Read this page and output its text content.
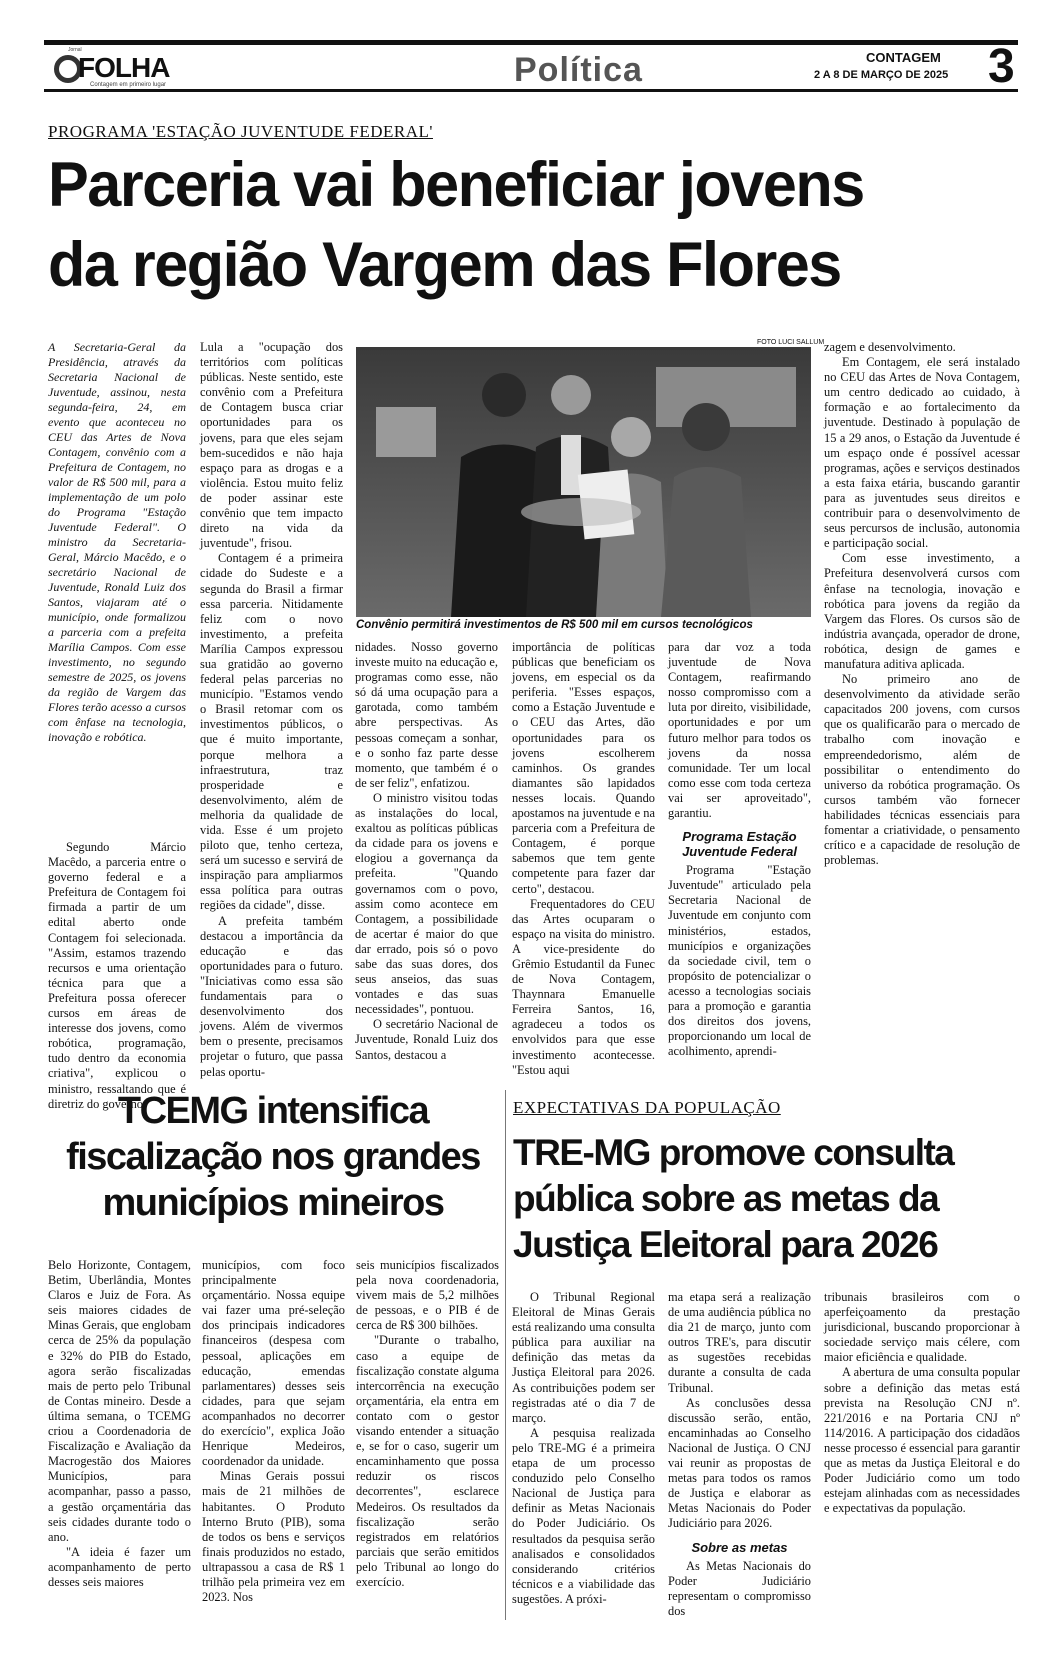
Jornal
FOLHA
Contagem em primeiro lugar	Política	CONTAGEM
2 A 8 DE MARÇO DE 2025 3
PROGRAMA 'ESTAÇÃO JUVENTUDE FEDERAL'
Parceria vai beneficiar jovens
da região Vargem das Flores

A Secretaria-Geral da Presidência, através da Secretaria Nacional de Juventude, assinou, nesta segunda-feira, 24, em evento que aconteceu no CEU das Artes de Nova Contagem, convênio com a Prefeitura de Contagem, no valor de R$ 500 mil, para a implementação de um polo do Programa "Estação Juventude Federal". O ministro da Secretaria-Geral, Márcio Macêdo, e o secretário Nacional de Juventude, Ronald Luiz dos Santos, viajaram até o município, onde formalizou a parceria com a prefeita Marília Campos. Com esse investimento, no segundo semestre de 2025, os jovens da região de Vargem das Flores terão acesso a cursos com ênfase na tecnologia, inovação e robótica.

Segundo Márcio Macêdo, a parceria entre o governo federal e a Prefeitura de Contagem foi firmada a partir de um edital aberto onde Contagem foi selecionada. "Assim, estamos trazendo recursos e uma orientação técnica para que a Prefeitura possa oferecer cursos em áreas de interesse dos jovens, como robótica, programação, tudo dentro da economia criativa", explicou o ministro, ressaltando que é diretriz do governo

Lula a "ocupação dos territórios com políticas públicas. Neste sentido, este convênio com a Prefeitura de Contagem busca criar oportunidades para os jovens, para que eles sejam bem-sucedidos e não haja espaço para as drogas e a violência. Estou muito feliz de poder assinar este convênio que tem impacto direto na vida da juventude", frisou.

Contagem é a primeira cidade do Sudeste e a segunda do Brasil a firmar essa parceria. Nitidamente feliz com o novo investimento, a prefeita Marília Campos expressou sua gratidão ao governo federal pelas parcerias no município. "Estamos vendo o Brasil retomar com os investimentos públicos, o que é muito importante, porque melhora a infraestrutura, traz prosperidade e desenvolvimento, além de melhoria da qualidade de vida. Esse é um projeto piloto que, tenho certeza, será um sucesso e servirá de inspiração para ampliarmos essa política para outras regiões da cidade", disse.

A prefeita também destacou a importância da educação e das oportunidades para o futuro. "Iniciativas como essa são fundamentais para o desenvolvimento dos jovens. Além de vivermos bem o presente, precisamos projetar o futuro, que passa pelas oportu-

FOTO LUCI SALLUM
Convênio permitirá investimentos de R$ 500 mil em cursos tecnológicos

nidades. Nosso governo investe muito na educação e, programas como esse, não só dá uma ocupação para a garotada, como também abre perspectivas. As pessoas começam a sonhar, e o sonho faz parte desse momento, que também é o de ser feliz", enfatizou.

O ministro visitou todas as instalações do local, exaltou as políticas públicas da cidade para os jovens e elogiou a governança da prefeita. "Quando governamos com o povo, assim como acontece em Contagem, a possibilidade de acertar é maior do que dar errado, pois só o povo sabe das suas dores, dos seus anseios, das suas vontades e das suas necessidades", pontuou.

O secretário Nacional de Juventude, Ronald Luiz dos Santos, destacou a

importância de políticas públicas que beneficiam os jovens, em especial os da periferia. "Esses espaços, como a Estação Juventude e o CEU das Artes, dão oportunidades para os jovens escolherem caminhos. Os grandes diamantes são lapidados nesses locais. Quando apostamos na juventude e na parceria com a Prefeitura de Contagem, é porque sabemos que tem gente competente para fazer dar certo", destacou.

Frequentadores do CEU das Artes ocuparam o espaço na visita do ministro. A vice-presidente do Grêmio Estudantil da Funec de Nova Contagem, Thaynnara Emanuelle Ferreira Santos, 16, agradeceu a todos os envolvidos para que esse investimento acontecesse. "Estou aqui

para dar voz a toda juventude de Nova Contagem, reafirmando nosso compromisso com a luta por direito, visibilidade, oportunidades e por um futuro melhor para todos os jovens da nossa comunidade. Ter um local como esse com toda certeza vai ser aproveitado", garantiu.

Programa Estação Juventude Federal

Programa "Estação Juventude" articulado pela Secretaria Nacional de Juventude em conjunto com ministérios, estados, municípios e organizações da sociedade civil, tem o propósito de potencializar o acesso a tecnologias sociais para a promoção e garantia dos direitos dos jovens, proporcionando um local de acolhimento, aprendi-

zagem e desenvolvimento.

Em Contagem, ele será instalado no CEU das Artes de Nova Contagem, um centro dedicado ao cuidado, à formação e ao fortalecimento da juventude. Destinado à população de 15 a 29 anos, o Estação da Juventude é um espaço onde é possível acessar programas, ações e serviços destinados a esta faixa etária, buscando garantir para as juventudes seus direitos e contribuir para o desenvolvimento de seus percursos de inclusão, autonomia e participação social.

Com esse investimento, a Prefeitura desenvolverá cursos com ênfase na tecnologia, inovação e robótica para jovens da região da Vargem das Flores. Os cursos são de indústria avançada, operador de drone, robótica, design de games e manufatura aditiva aplicada.

No primeiro ano de desenvolvimento da atividade serão capacitados 200 jovens, com cursos que os qualificarão para o mercado de trabalho com inovação e empreendedorismo, além de possibilitar o entendimento do universo da robótica programação. Os cursos também vão fornecer habilidades técnicas essenciais para fomentar a criatividade, o pensamento crítico e a capacidade de resolução de problemas.

TCEMG intensifica fiscalização nos grandes municípios mineiros

Belo Horizonte, Contagem, Betim, Uberlândia, Montes Claros e Juiz de Fora. As seis maiores cidades de Minas Gerais, que englobam cerca de 25% da população e 32% do PIB do Estado, agora serão fiscalizadas mais de perto pelo Tribunal de Contas mineiro. Desde a última semana, o TCEMG criou a Coordenadoria de Fiscalização e Avaliação da Macrogestão dos Maiores Municípios, para acompanhar, passo a passo, a gestão orçamentária das seis cidades durante todo o ano.

"A ideia é fazer um acompanhamento de perto desses seis maiores

municípios, com foco principalmente orçamentário. Nossa equipe vai fazer uma pré-seleção dos principais indicadores financeiros (despesa com pessoal, aplicações em educação, emendas parlamentares) desses seis cidades, para que sejam acompanhados no decorrer do exercício", explica João Henrique Medeiros, coordenador da unidade.

Minas Gerais possui mais de 21 milhões de habitantes. O Produto Interno Bruto (PIB), soma de todos os bens e serviços finais produzidos no estado, ultrapassou a casa de R$ 1 trilhão pela primeira vez em 2023. Nos

seis municípios fiscalizados pela nova coordenadoria, vivem mais de 5,2 milhões de pessoas, e o PIB é de cerca de R$ 300 bilhões.

"Durante o trabalho, caso a equipe de fiscalização constate alguma intercorrência na execução orçamentária, ela entra em contato com o gestor visando entender a situação e, se for o caso, sugerir um encaminhamento que possa reduzir os riscos decorrentes", esclarece Medeiros. Os resultados da fiscalização serão registrados em relatórios parciais que serão emitidos pelo Tribunal ao longo do exercício.

EXPECTATIVAS DA POPULAÇÃO
TRE-MG promove consulta pública sobre as metas da Justiça Eleitoral para 2026

O Tribunal Regional Eleitoral de Minas Gerais está realizando uma consulta pública para auxiliar na definição das metas da Justiça Eleitoral para 2026. As contribuições podem ser registradas até o dia 7 de março.

A pesquisa realizada pelo TRE-MG é a primeira etapa de um processo conduzido pelo Conselho Nacional de Justiça para definir as Metas Nacionais do Poder Judiciário. Os resultados da pesquisa serão analisados e consolidados considerando critérios técnicos e a viabilidade das sugestões. A próxi-

ma etapa será a realização de uma audiência pública no dia 21 de março, junto com outros TRE's, para discutir as sugestões recebidas durante a consulta de cada Tribunal.

As conclusões dessa discussão serão, então, encaminhadas ao Conselho Nacional de Justiça. O CNJ vai reunir as propostas de metas para todos os ramos de Justiça e elaborar as Metas Nacionais do Poder Judiciário para 2026.

Sobre as metas

As Metas Nacionais do Poder Judiciário representam o compromisso dos

tribunais brasileiros com o aperfeiçoamento da prestação jurisdicional, buscando proporcionar à sociedade serviço mais célere, com maior eficiência e qualidade.

A abertura de uma consulta popular sobre a definição das metas está prevista na Resolução CNJ nº. 221/2016 e na Portaria CNJ nº 114/2016. A participação dos cidadãos nesse processo é essencial para garantir que as metas da Justiça Eleitoral e do Poder Judiciário como um todo estejam alinhadas com as necessidades e expectativas da população.
